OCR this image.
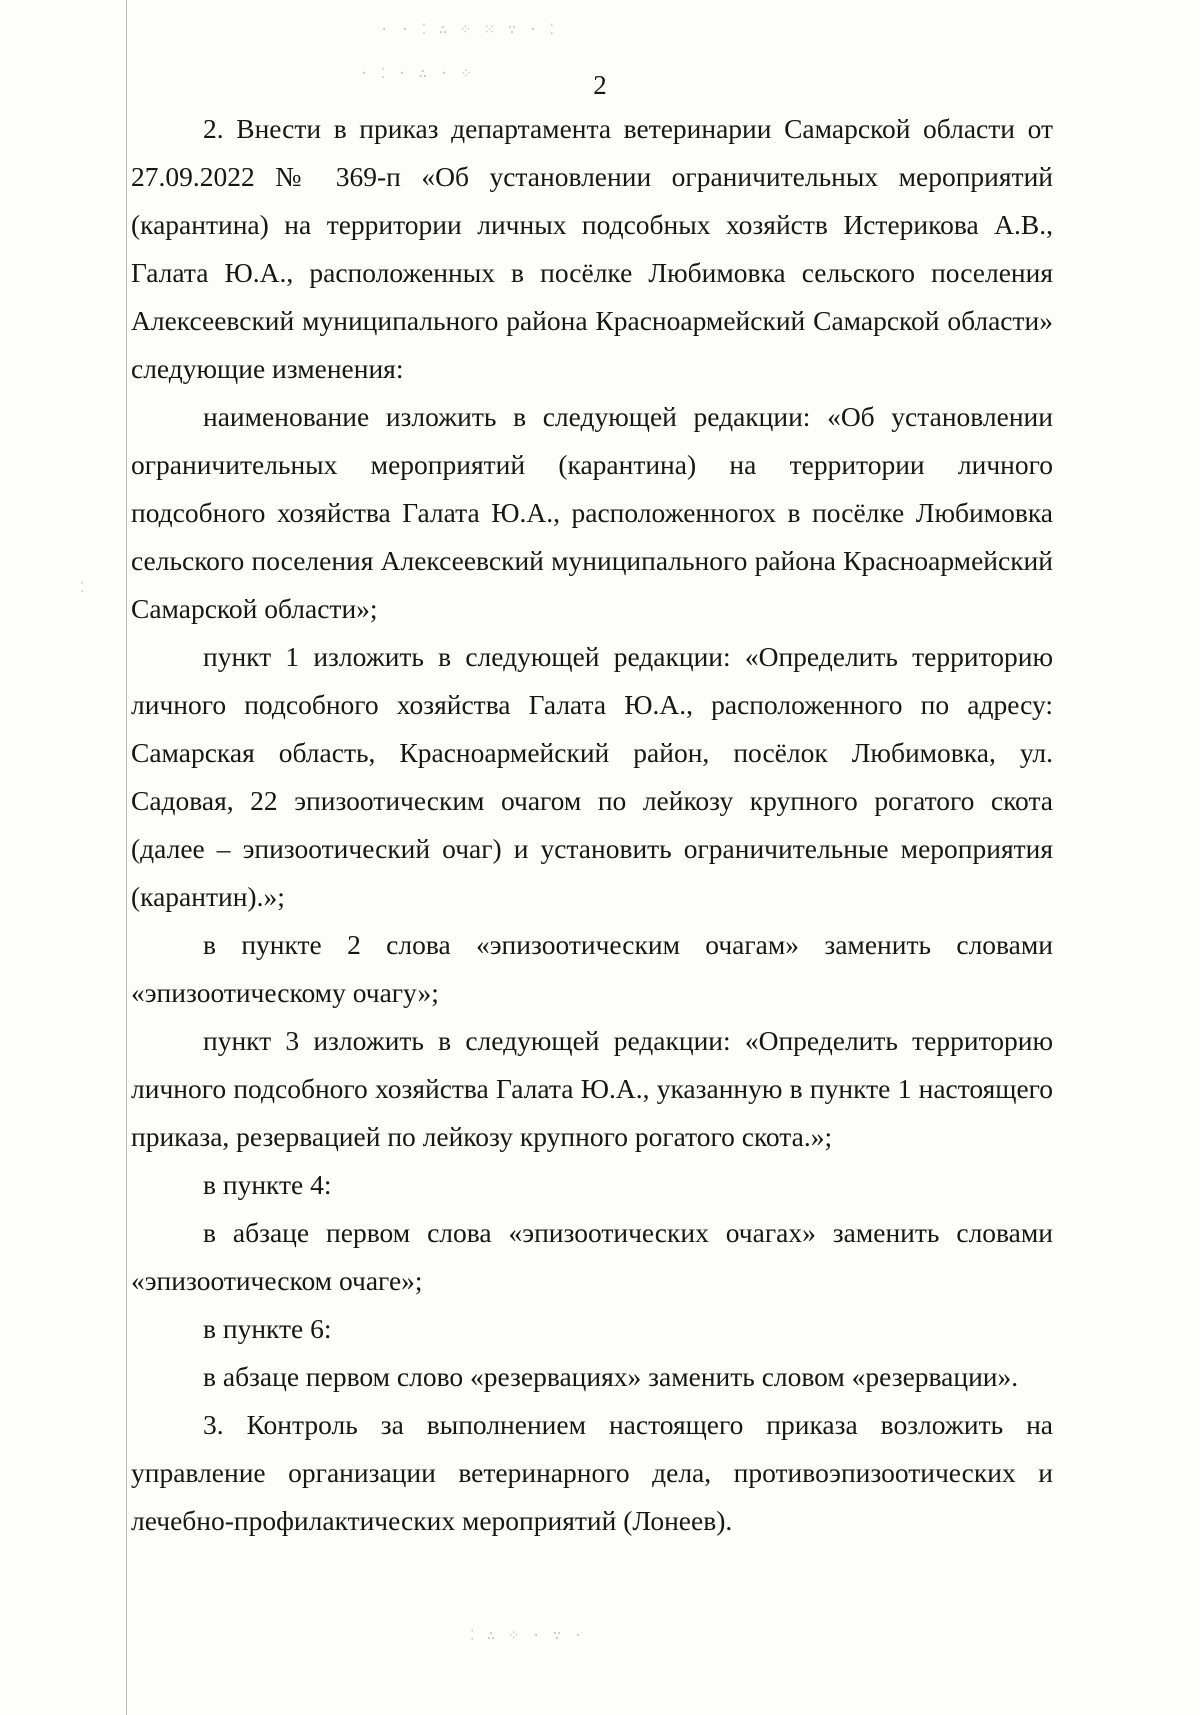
· · ⁚ ∴ ⁘ ⁙ ∵ · ⁚
· ⁚ · ∴ · ⁘
⁚ ∴ ⁘ · ∵ ·
⁚
2

2. Внести в приказ департамента ветеринарии Самарской области от 27.09.2022 № 369-п «Об установлении ограничительных мероприятий (карантина) на территории личных подсобных хозяйств Истерикова А.В., Галата Ю.А., расположенных в посёлке Любимовка сельского поселения Алексеевский муниципального района Красноармейский Самарской области» следующие изменения:

наименование изложить в следующей редакции: «Об установлении ограничительных мероприятий (карантина) на территории личного подсобного хозяйства Галата Ю.А., расположенногох в посёлке Любимовка сельского поселения Алексеевский муниципального района Красноармейский Самарской области»;

пункт 1 изложить в следующей редакции: «Определить территорию личного подсобного хозяйства Галата Ю.А., расположенного по адресу: Самарская область, Красноармейский район, посёлок Любимовка, ул. Садовая, 22 эпизоотическим очагом по лейкозу крупного рогатого скота (далее – эпизоотический очаг) и установить ограничительные мероприятия (карантин).»;

в пункте 2 слова «эпизоотическим очагам» заменить словами «эпизоотическому очагу»;

пункт 3 изложить в следующей редакции: «Определить территорию личного подсобного хозяйства Галата Ю.А., указанную в пункте 1 настоящего приказа, резервацией по лейкозу крупного рогатого скота.»;

в пункте 4:

в абзаце первом слова «эпизоотических очагах» заменить словами «эпизоотическом очаге»;

в пункте 6:

в абзаце первом слово «резервациях» заменить словом «резервации».

3. Контроль за выполнением настоящего приказа возложить на управление организации ветеринарного дела, противоэпизоотических и лечебно-профилактических мероприятий (Лонеев).
